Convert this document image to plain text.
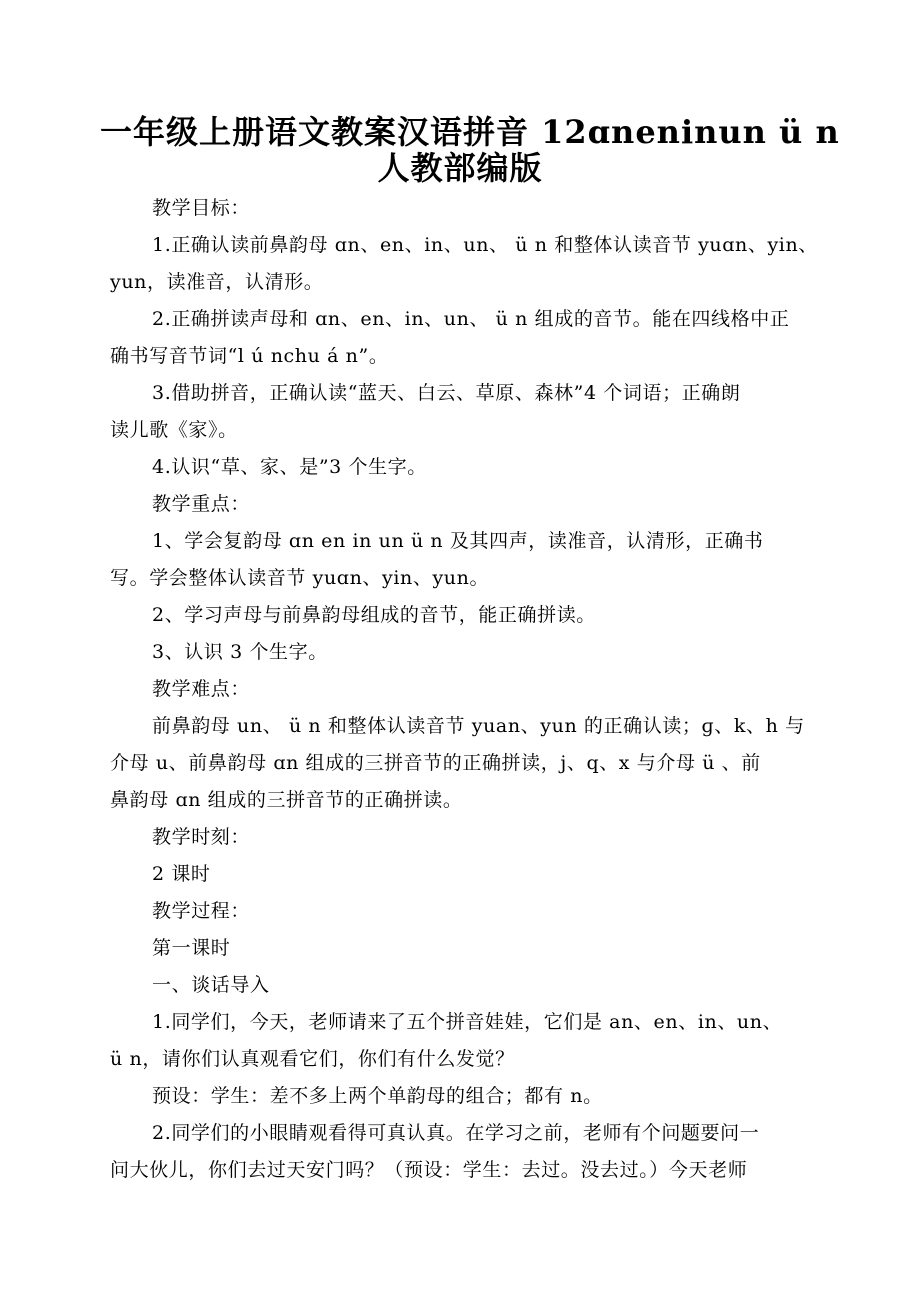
一年级上册语文教案汉语拼音 12ɑneninun ü n
人教部编版
教学目标：
1.正确认读前鼻韵母 ɑn、en、in、un、 ü n 和整体认读音节 yuɑn、yin、
yun，读准音，认清形。
2.正确拼读声母和 ɑn、en、in、un、 ü n 组成的音节。能在四线格中正
确书写音节词“l ú nchu á n”。
3.借助拼音，正确认读“蓝天、白云、草原、森林”4 个词语；正确朗
读儿歌《家》。
4.认识“草、家、是”3 个生字。
教学重点：
1、学会复韵母 ɑn en in un ü n 及其四声，读准音，认清形，正确书
写。学会整体认读音节 yuɑn、yin、yun。
2、学习声母与前鼻韵母组成的音节，能正确拼读。
3、认识 3 个生字。
教学难点：
前鼻韵母 un、 ü n 和整体认读音节 yuan、yun 的正确认读；ɡ、k、h 与
介母 u、前鼻韵母 ɑn 组成的三拼音节的正确拼读，j、q、x 与介母 ü 、前
鼻韵母 ɑn 组成的三拼音节的正确拼读。
教学时刻：
2 课时
教学过程：
第一课时
一、谈话导入
1.同学们，今天，老师请来了五个拼音娃娃，它们是 an、en、in、un、
ü n，请你们认真观看它们，你们有什么发觉？
预设：学生：差不多上两个单韵母的组合；都有 n。
2.同学们的小眼睛观看得可真认真。在学习之前，老师有个问题要问一
问大伙儿，你们去过天安门吗？（预设：学生：去过。没去过。）今天老师
